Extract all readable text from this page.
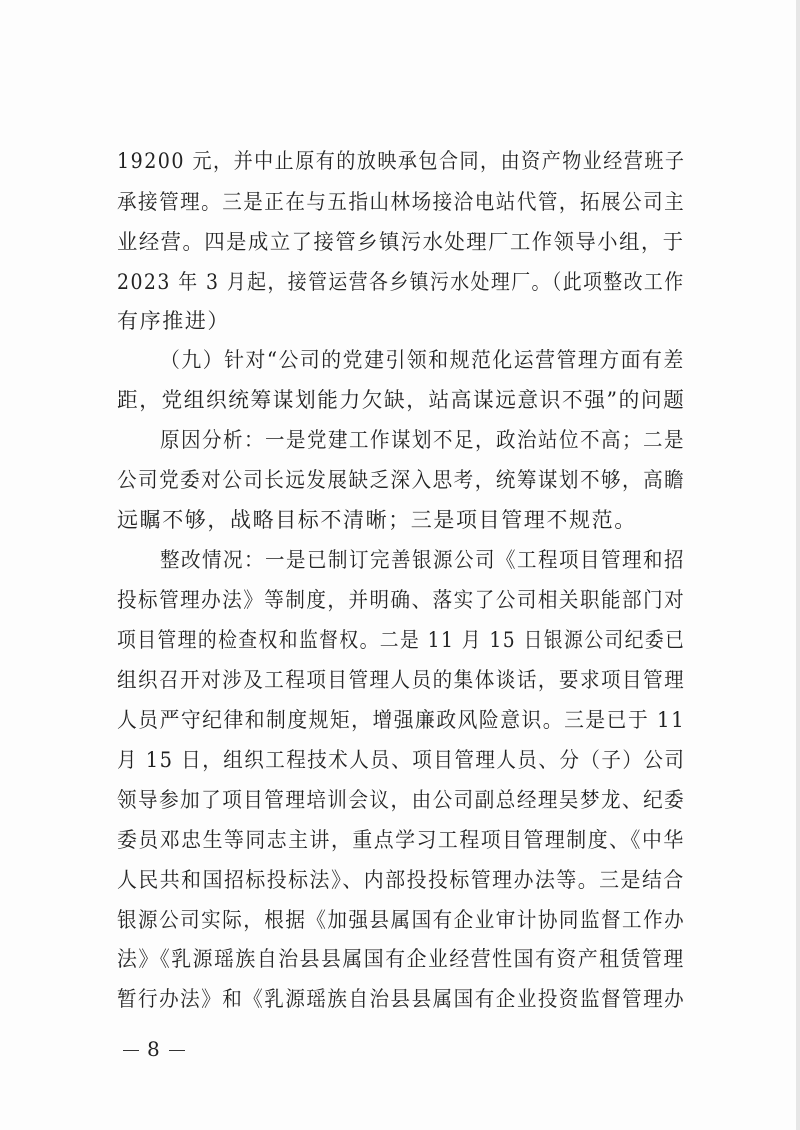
19200 元，并中止原有的放映承包合同，由资产物业经营班子
承接管理。三是正在与五指山林场接洽电站代管，拓展公司主
业经营。四是成立了接管乡镇污水处理厂工作领导小组，于
2023 年 3 月起，接管运营各乡镇污水处理厂。（此项整改工作
有序推进）
（九）针对“公司的党建引领和规范化运营管理方面有差
距，党组织统筹谋划能力欠缺，站高谋远意识不强”的问题
原因分析：一是党建工作谋划不足，政治站位不高；二是
公司党委对公司长远发展缺乏深入思考，统筹谋划不够，高瞻
远瞩不够，战略目标不清晰；三是项目管理不规范。
整改情况：一是已制订完善银源公司《工程项目管理和招
投标管理办法》等制度，并明确、落实了公司相关职能部门对
项目管理的检查权和监督权。二是 11 月 15 日银源公司纪委已
组织召开对涉及工程项目管理人员的集体谈话，要求项目管理
人员严守纪律和制度规矩，增强廉政风险意识。三是已于 11
月 15 日，组织工程技术人员、项目管理人员、分（子）公司
领导参加了项目管理培训会议，由公司副总经理吴梦龙、纪委
委员邓忠生等同志主讲，重点学习工程项目管理制度、《中华
人民共和国招标投标法》、内部投投标管理办法等。三是结合
银源公司实际，根据《加强县属国有企业审计协同监督工作办
法》《乳源瑶族自治县县属国有企业经营性国有资产租赁管理
暂行办法》和《乳源瑶族自治县县属国有企业投资监督管理办
8
